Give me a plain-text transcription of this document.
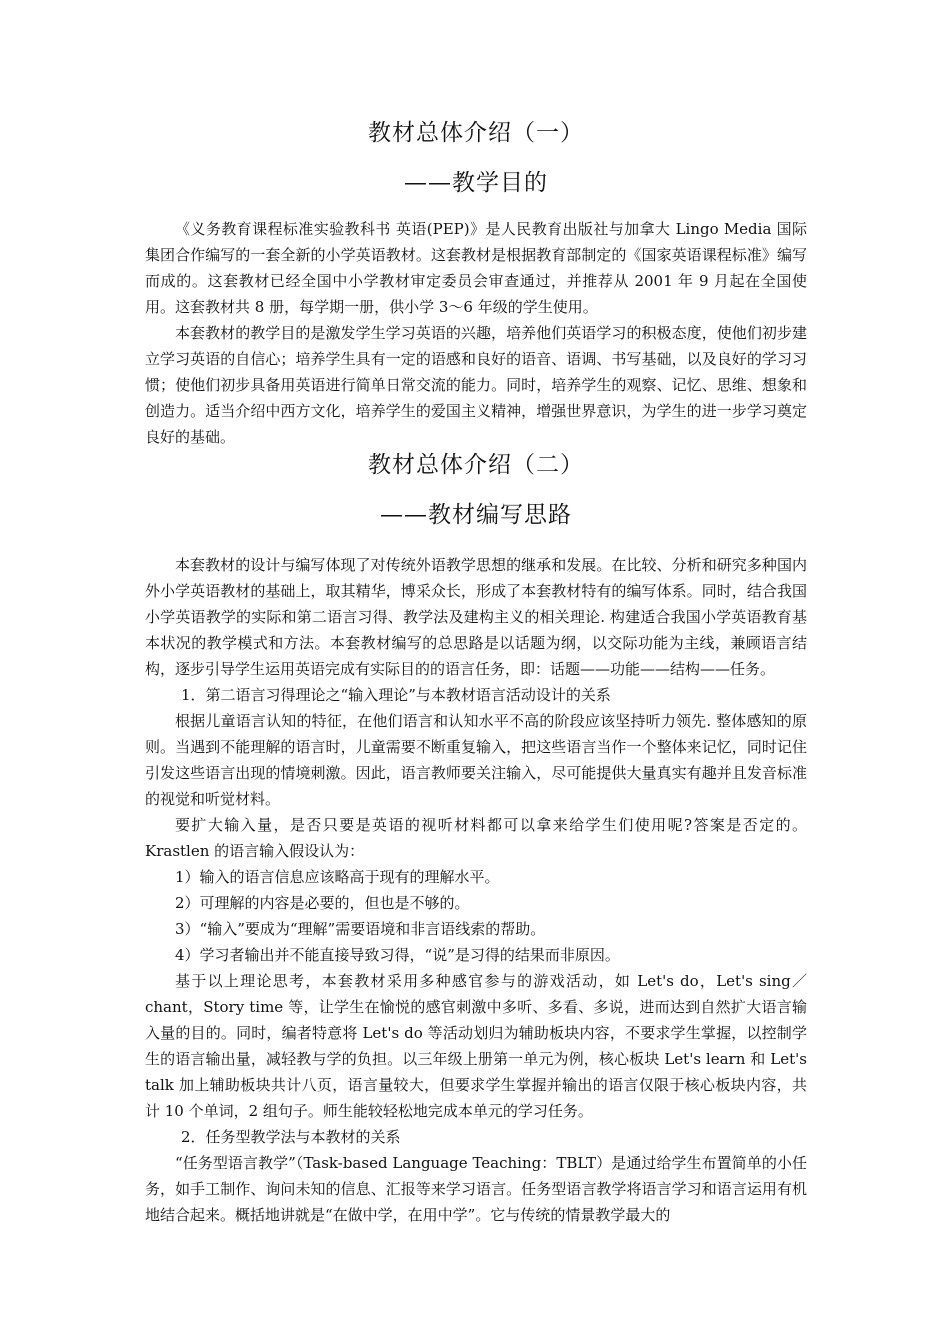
教材总体介绍（一）
——教学目的

《义务教育课程标准实验教科书 英语(PEP)》是人民教育出版社与加拿大 Lingo Media 国际集团合作编写的一套全新的小学英语教材。这套教材是根据教育部制定的《国家英语课程标准》编写而成的。这套教材已经全国中小学教材审定委员会审查通过，并推荐从 2001 年 9 月起在全国使用。这套教材共 8 册，每学期一册，供小学 3～6 年级的学生使用。

本套教材的教学目的是激发学生学习英语的兴趣，培养他们英语学习的积极态度，使他们初步建立学习英语的自信心；培养学生具有一定的语感和良好的语音、语调、书写基础，以及良好的学习习惯；使他们初步具备用英语进行简单日常交流的能力。同时，培养学生的观察、记忆、思维、想象和创造力。适当介绍中西方文化，培养学生的爱国主义精神，增强世界意识，为学生的进一步学习奠定良好的基础。

教材总体介绍（二）
——教材编写思路

本套教材的设计与编写体现了对传统外语教学思想的继承和发展。在比较、分析和研究多种国内外小学英语教材的基础上，取其精华，博采众长，形成了本套教材特有的编写体系。同时，结合我国小学英语教学的实际和第二语言习得、教学法及建构主义的相关理论. 构建适合我国小学英语教育基本状况的教学模式和方法。本套教材编写的总思路是以话题为纲，以交际功能为主线，兼顾语言结构，逐步引导学生运用英语完成有实际目的的语言任务，即：话题——功能——结构——任务。

1．第二语言习得理论之“输入理论”与本教材语言活动设计的关系

根据儿童语言认知的特征，在他们语言和认知水平不高的阶段应该坚持听力领先. 整体感知的原则。当遇到不能理解的语言时，儿童需要不断重复输入，把这些语言当作一个整体来记忆，同时记住引发这些语言出现的情境刺激。因此，语言教师要关注输入，尽可能提供大量真实有趣并且发音标准的视觉和听觉材料。

要扩大输入量，是否只要是英语的视听材料都可以拿来给学生们使用呢?答案是否定的。Krastlen 的语言输入假设认为：

1）输入的语言信息应该略高于现有的理解水平。

2）可理解的内容是必要的，但也是不够的。

3）“输入”要成为“理解”需要语境和非言语线索的帮助。

4）学习者输出并不能直接导致习得，“说”是习得的结果而非原因。

基于以上理论思考，本套教材采用多种感官参与的游戏活动，如 Let's do，Let's sing／chant，Story time 等，让学生在愉悦的感官刺激中多听、多看、多说，进而达到自然扩大语言输入量的目的。同时，编者特意将 Let's do 等活动划归为辅助板块内容，不要求学生掌握，以控制学生的语言输出量，减轻教与学的负担。以三年级上册第一单元为例，核心板块 Let's learn 和 Let's talk 加上辅助板块共计八页，语言量较大，但要求学生掌握并输出的语言仅限于核心板块内容，共计 10 个单词，2 组句子。师生能较轻松地完成本单元的学习任务。

2．任务型教学法与本教材的关系

“任务型语言教学”（Task-based Language Teaching：TBLT）是通过给学生布置简单的小任务，如手工制作、询问未知的信息、汇报等来学习语言。任务型语言教学将语言学习和语言运用有机地结合起来。概括地讲就是“在做中学，在用中学”。它与传统的情景教学最大的
